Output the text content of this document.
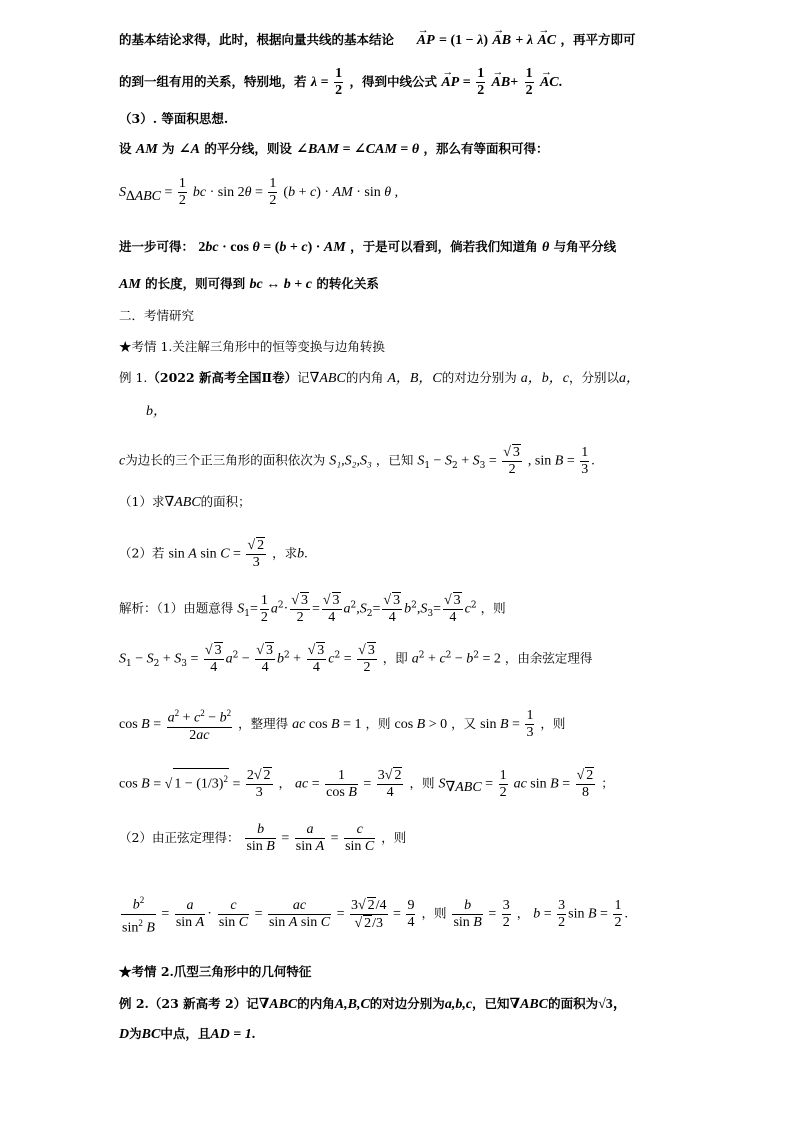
的基本结论求得，此时，根据向量共线的基本结论  → AP = (1 − λ) → AB + λ → AC ，再平方即可
的到一组有用的关系，特别地，若 $\lambda = \frac{1}{2}$ ，得到中线公式 → AP = $\frac{1}{2}$
→ $AB+ \frac{1}{2}$
→ AC.
（3）. 等面积思想.
设 AM 为 ∠A 的平分线，则设 ∠BAM = ∠CAM = θ ，那么有等面积可得：
$S_{\Delta ABC} = \frac{1}{2}$ bc · $\sin 2\theta = \frac{1}{2} (b + c)$ · AM · sin θ ,
进一步可得： 2bc · cos θ = (b + c) · AM ，于是可以看到，倘若我们知道角 θ 与角平分线
AM 的长度，则可得到 bc ↔ b + c 的转化关系
二．考情研究
★考情 1.关注解三角形中的恒等变换与边角转换
例 1.（2022 新高考全国Ⅱ卷）记∇ABC的内角 A，B，C的对边分别为 a，b，c，分别以a，
b，
c为边长的三个正三角形的面积依次为 S₁,S₂,S₃ ，已知 $S_1 - S_2 + S_3 = \frac{√ 3}{2}$ , $\sin B = \frac{1}{3}$ .
（1）求∇ABC的面积；
（2）若 sin A $\sin C = \frac{√ 2}{3}$ ，求b.
解析：（1）由题意得 $S_1= \frac{1}{2} a^2\cdot \frac{√ 3}{2} = \frac{√ 3}{4} a^2,S_2= \frac{√ 3}{4} b^2,S_3= \frac{√ 3}{4} c^2$ ，则
$S_1 - S_2 + S_3 = \frac{√ 3}{4} a^2 - \frac{√ 3}{4} b^2 + \frac{√ 3}{4} c^2 = \frac{√ 3}{2}$ ，即 $a^2 + c^2 - b^2 = 2$ ，由余弦定理得
$\cos B = \frac{a^2 + c^2 - b^2}{2ac}$ ，整理得 ac cos B = 1 ，则 cos B > 0 ，又 $\sin B = \frac{1}{3}$ ，则
cos B = √ $1 - (1/3)^2 = \frac{2√ 2}{3}$ ， ac = $\frac{1}{\text{cos B}} = \frac{3√ 2}{4}$ ，则 $S_{\nabla ABC} = \frac{1}{2}$ ac $\sin B = \frac{√ 2}{8}$ ；
（2）由正弦定理得： $\frac{b}{\text{sin B}} = \frac{a}{\text{sin A}} = \frac{c}{\text{sin C}}$ ，则
$\frac{b^2}{\sin^2 B} = \frac{a}{\text{sin A}} \cdot \frac{c}{\text{sin C}} = \frac{ac}{\text{sin A sin C}} = \frac{3√ 2/4}{√ 2/3} = \frac{9}{4}$ ，则 $\frac{b}{\text{sin B}} = \frac{3}{2}$ ， $b = \frac{3}{2}$ $\sin B = \frac{1}{2}$ .
★考情 2.爪型三角形中的几何特征
例 2.（23 新高考 2）记∇ABC的内角A,B,C的对边分别为a,b,c，已知∇ABC的面积为√3，
D为BC中点，且AD = 1.
